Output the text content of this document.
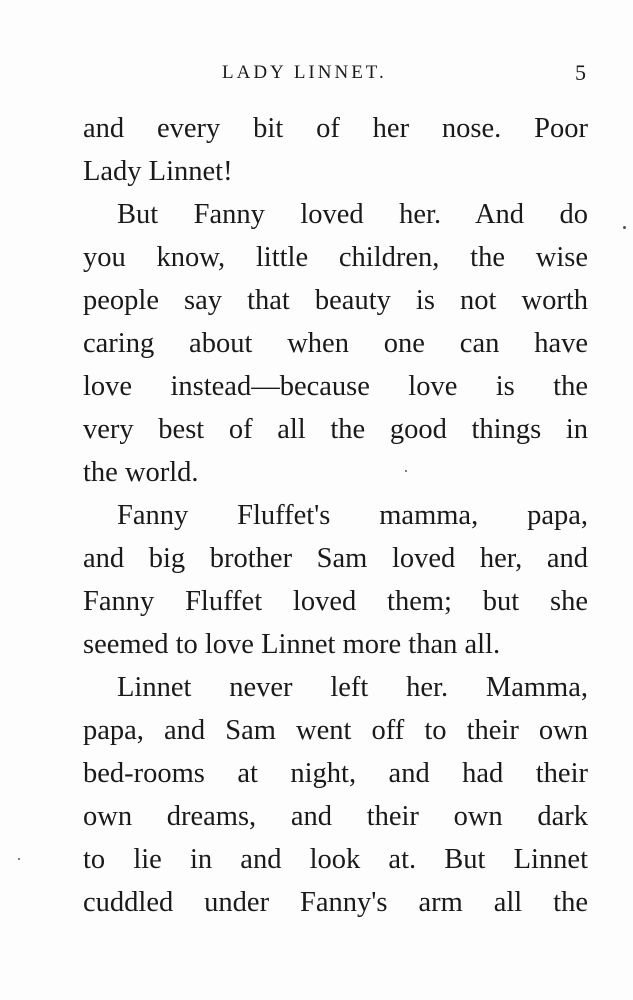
LADY LINNET.	5
and every bit of her nose. Poor
Lady Linnet!
But Fanny loved her. And do
you know, little children, the wise
people say that beauty is not worth
caring about when one can have
love instead—because love is the
very best of all the good things in
the world.
Fanny Fluffet's mamma, papa,
and big brother Sam loved her, and
Fanny Fluffet loved them; but she
seemed to love Linnet more than all.
Linnet never left her. Mamma,
papa, and Sam went off to their own
bed-rooms at night, and had their
own dreams, and their own dark
to lie in and look at. But Linnet
cuddled under Fanny's arm all the
